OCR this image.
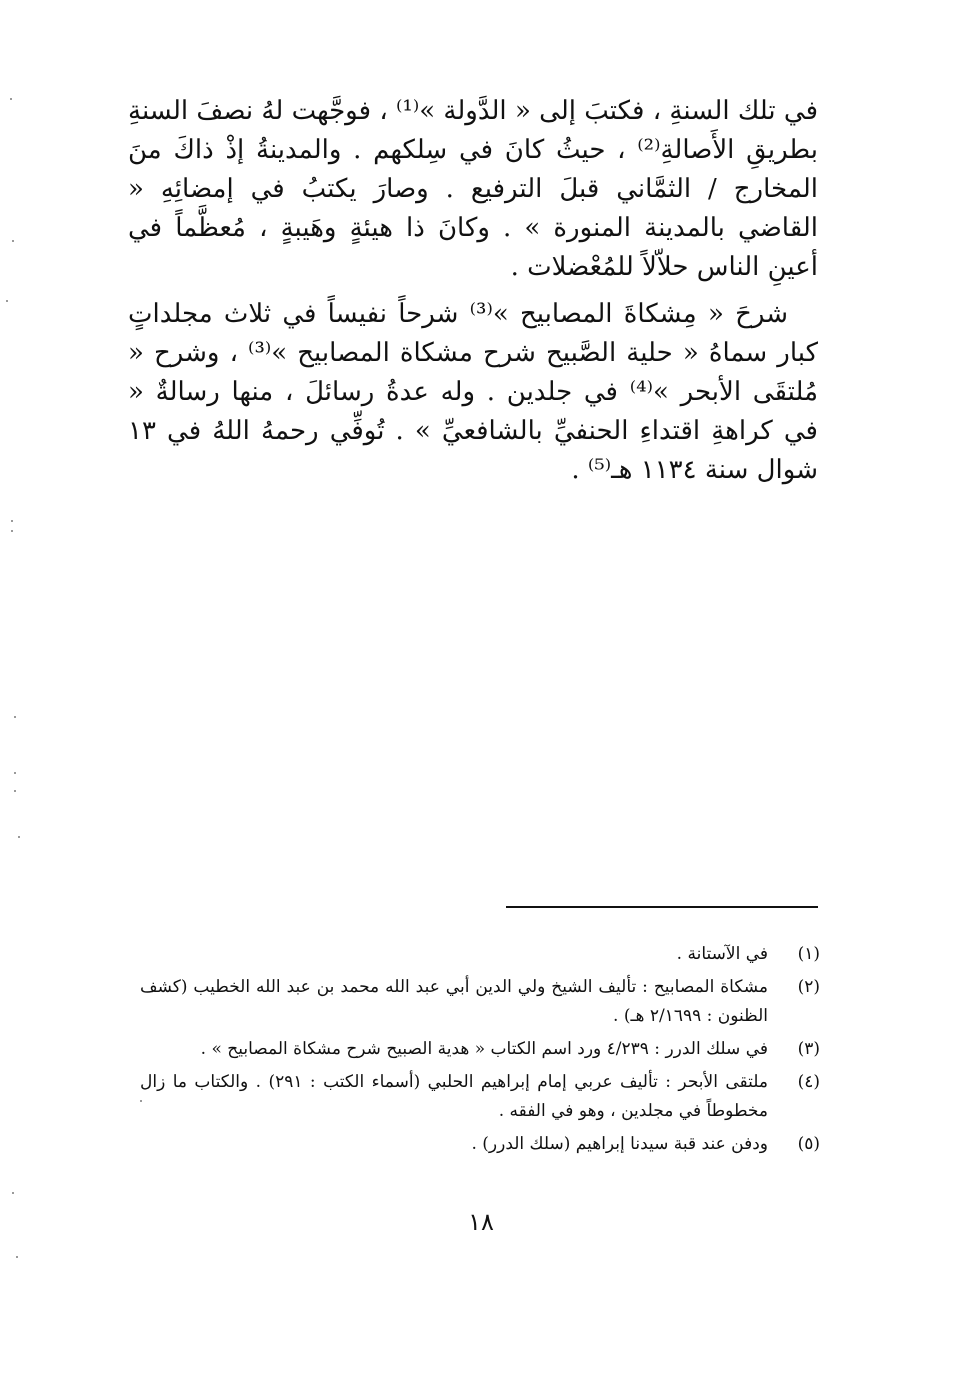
في تلك السنةِ ، فكتبَ إلى « الدَّولة »⁽¹⁾ ، فوجَّهت لهُ نصفَ السنةِ بطريقِ الأَصالةِ⁽²⁾ ، حيثُ كانَ في سِلكهم . والمدينةُ إذْ ذاكَ منَ المخارج / الثمَّاني قبلَ الترفيع . وصارَ يكتبُ في إمضائِهِ « القاضي بالمدينة المنورة » . وكانَ ذا هيئةٍ وهَيبةٍ ، مُعظَّماً في أعينِ الناس حلاّلاً للمُعْضلات .

شرحَ « مِشكاةَ المصابيح »⁽³⁾ شرحاً نفيساً في ثلاث مجلداتٍ كبار سماهُ « حلية الصَّبيح شرح مشكاة المصابيح »⁽³⁾ ، وشرح « مُلتقَى الأبحر »⁽⁴⁾ في جلدين . وله عدةُ رسائلَ ، منها رسالةٌ « في كراهةِ اقتداءِ الحنفيِّ بالشافعيِّ » . تُوفِّي رحمهُ اللهُ في ١٣ شوال سنة ١١٣٤ هـ⁽⁵⁾ .

(١)
في الآستانة .
(٢)
مشكاة المصابيح : تأليف الشيخ ولي الدين أبي عبد الله محمد بن عبد الله الخطيب (كشف الظنون : ٢/١٦٩٩ هـ) .
(٣)
في سلك الدرر : ٤/٢٣٩ ورد اسم الكتاب « هدية الصبيح شرح مشكاة المصابيح » .
(٤)
ملتقى الأبحر : تأليف عربي إمام إبراهيم الحلبي (أسماء الكتب : ٢٩١) . والكتاب ما زال مخطوطاً في مجلدين ، وهو في الفقه .
(٥)
ودفن عند قبة سيدنا إبراهيم (سلك الدرر) .
١٨
